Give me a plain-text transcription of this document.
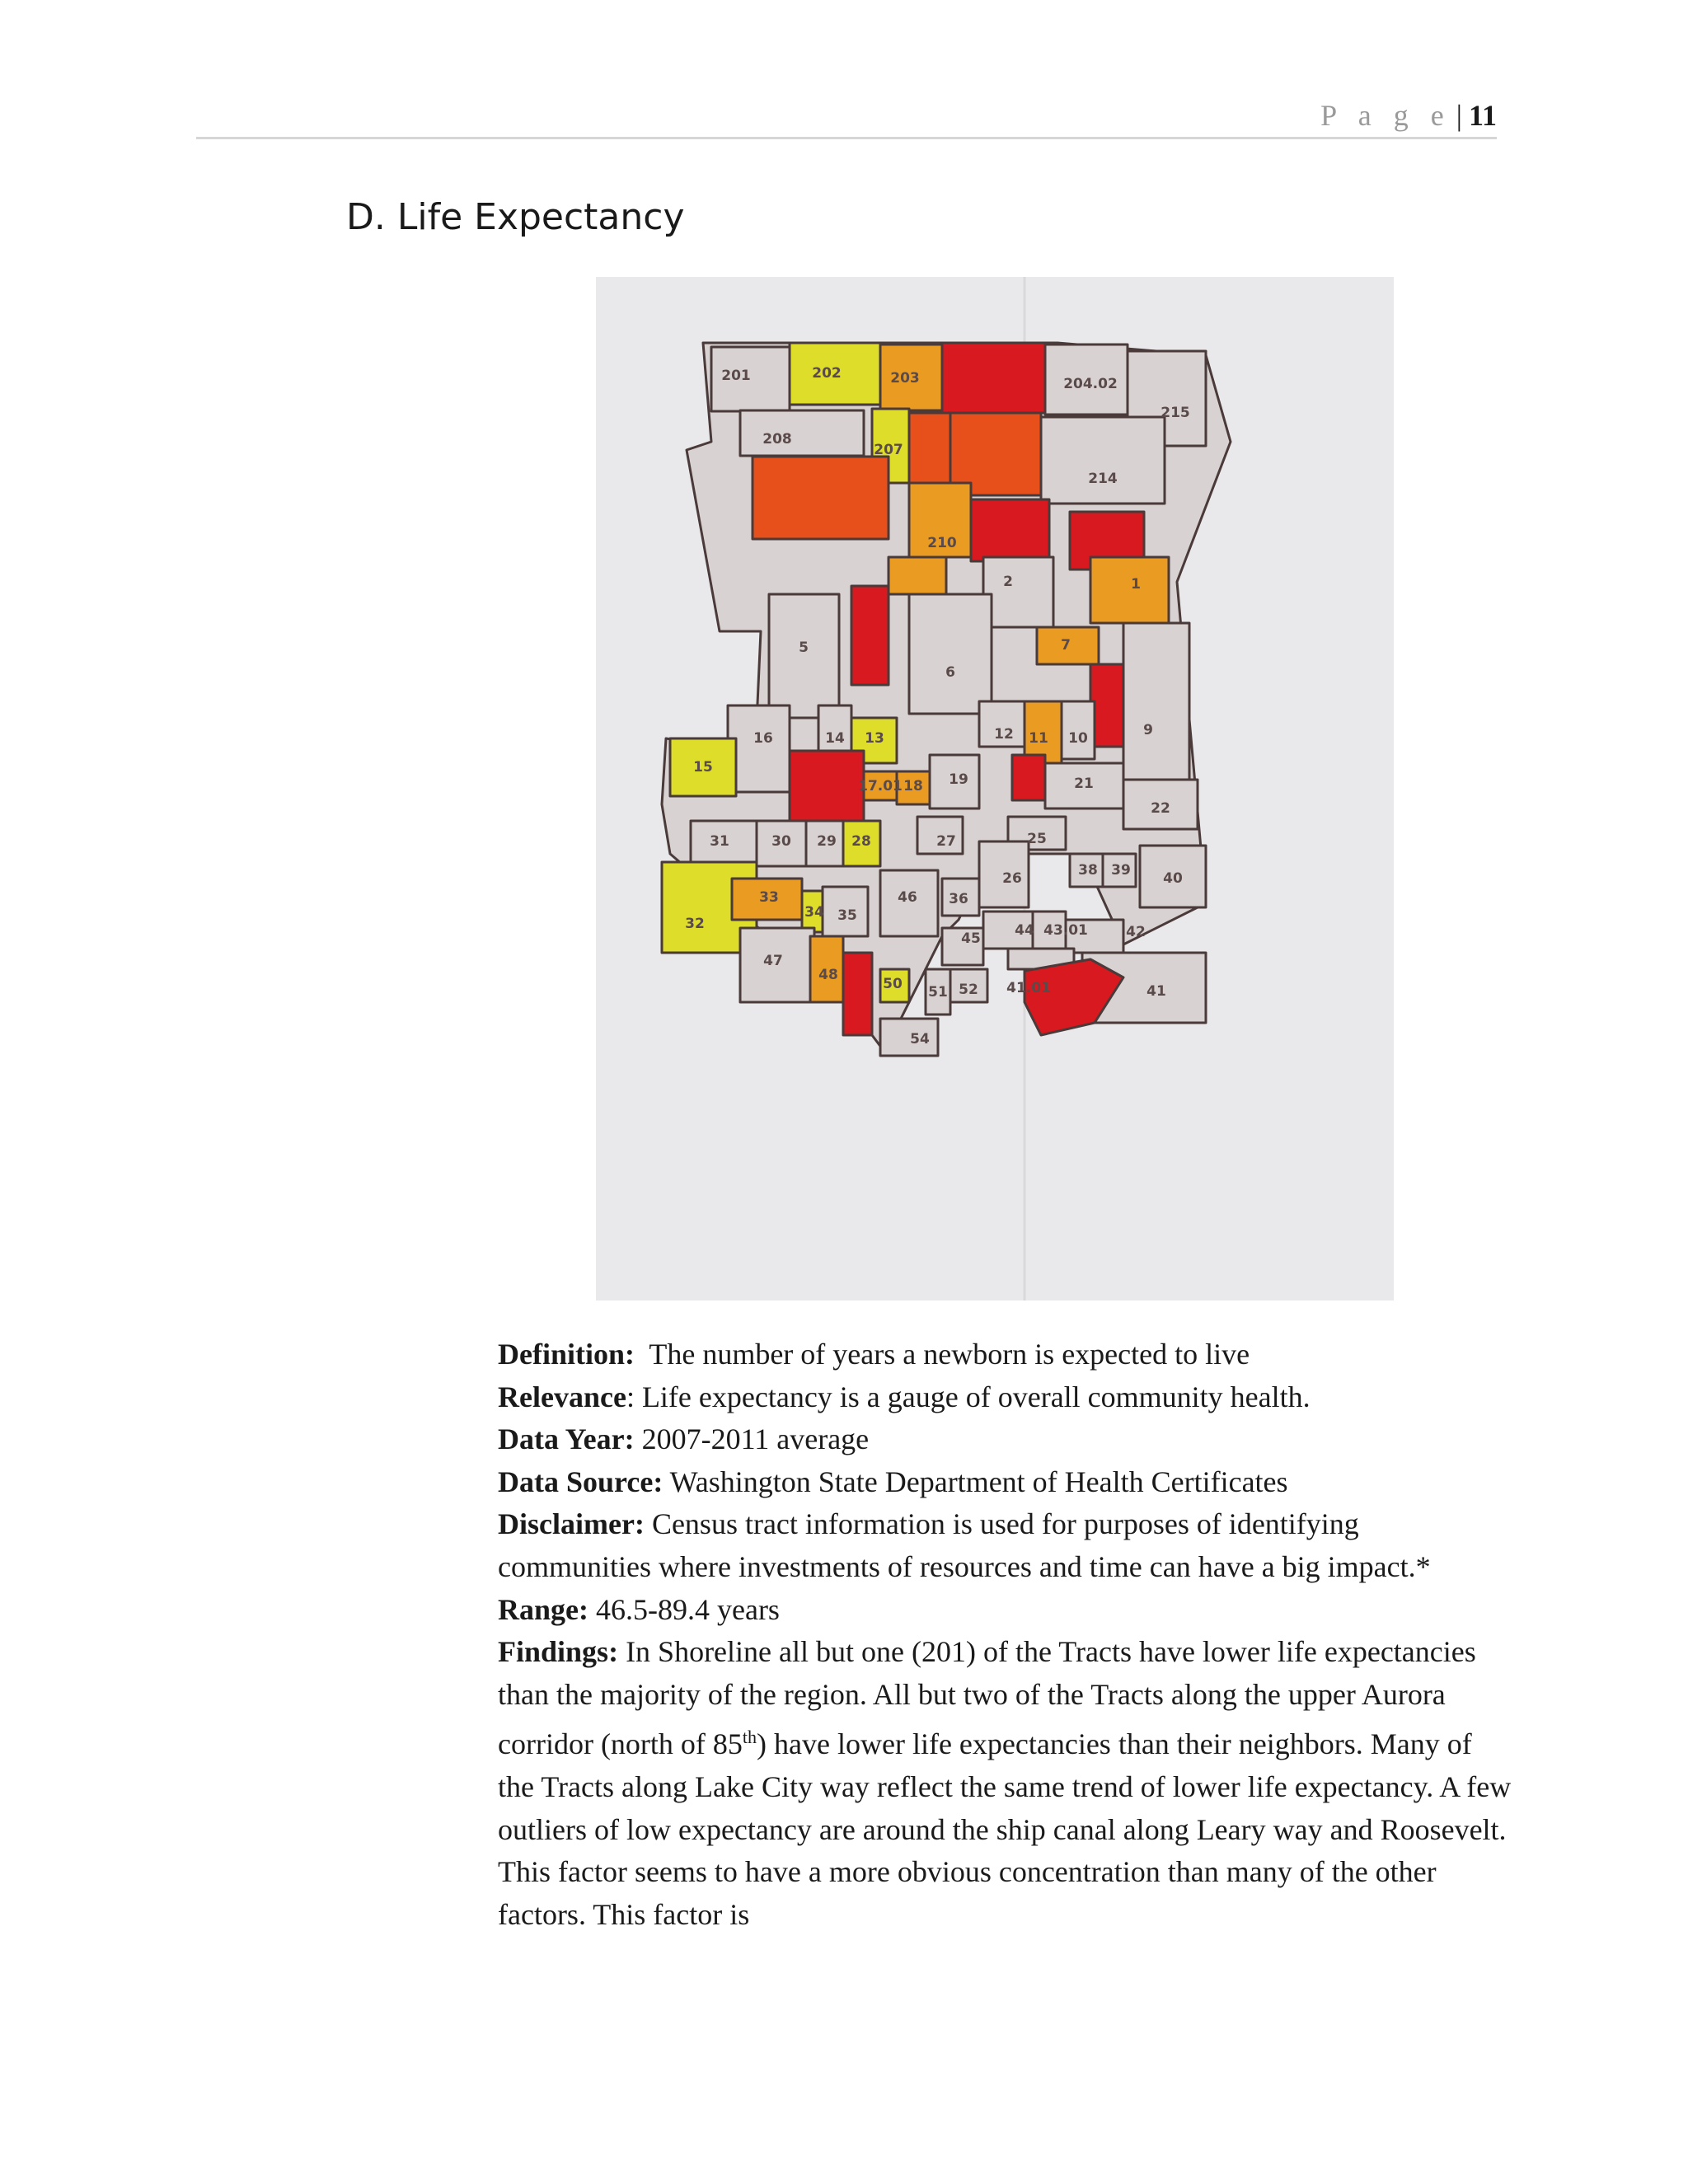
P a g e | 11
D. Life Expectancy
201	202	203	204.02
215
208
207
214
210
2	1
5
6
7
9
12 11 10
16	14 13
15
17.01 18 19	21
22
31	30 29 28	27	25
26	38 39 40
32
33
34 35
46 36
44 43.01	42
47
45
48
50 51 52 41.01	41
54

Definition: The number of years a newborn is expected to live

Relevance: Life expectancy is a gauge of overall community health.

Data Year: 2007-2011 average

Data Source: Washington State Department of Health Certificates

Disclaimer: Census tract information is used for purposes of identifying communities where investments of resources and time can have a big impact.*

Range: 46.5-89.4 years

Findings: In Shoreline all but one (201) of the Tracts have lower life expectancies than the majority of the region. All but two of the Tracts along the upper Aurora corridor (north of 85th) have lower life expectancies than their neighbors. Many of the Tracts along Lake City way reflect the same trend of lower life expectancy. A few outliers of low expectancy are around the ship canal along Leary way and Roosevelt. This factor seems to have a more obvious concentration than many of the other factors. This factor is
